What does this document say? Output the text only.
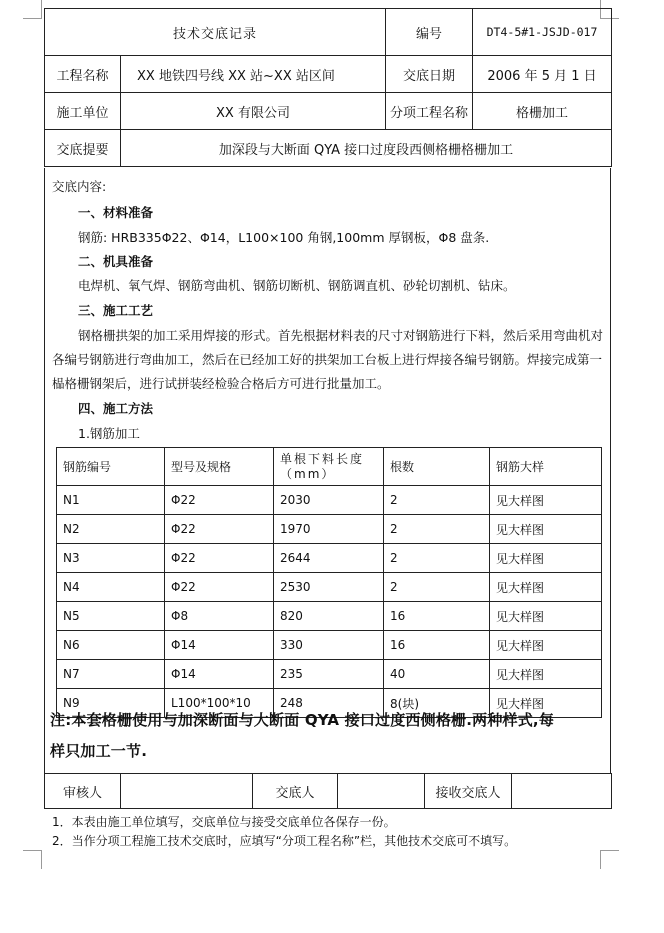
技术交底记录		编号	DT4-5#1-JSJD-017
工程名称	XX 地铁四号线 XX 站~XX 站区间	交底日期	2006 年 5 月 1 日
施工单位	XX 有限公司	分项工程名称	格栅加工
交底提要	加深段与大断面 QYA 接口过度段西侧格栅格栅加工		
交底内容:
一、材料准备
钢筋: HRB335Φ22、Φ14，L100×100 角钢,100mm 厚钢板，Φ8 盘条.
二、机具准备
电焊机、氧气焊、钢筋弯曲机、钢筋切断机、钢筋调直机、砂轮切割机、钻床。
三、施工工艺
钢格栅拱架的加工采用焊接的形式。首先根据材料表的尺寸对钢筋进行下料，然后采用弯曲机对
各编号钢筋进行弯曲加工，然后在已经加工好的拱架加工台板上进行焊接各编号钢筋。焊接完成第一
榀格栅钢架后，进行试拼装经检验合格后方可进行批量加工。
四、施工方法
1.钢筋加工
钢筋编号	型号及规格	单根下料长度（mm）	根数	钢筋大样
N1	Φ22	2030	2	见大样图
N2	Φ22	1970	2	见大样图
N3	Φ22	2644	2	见大样图
N4	Φ22	2530	2	见大样图
N5	Φ8	820	16	见大样图
N6	Φ14	330	16	见大样图
N7	Φ14	235	40	见大样图
N9	L100*100*10	248	8(块)	见大样图
注:本套格栅使用与加深断面与大断面 QYA 接口过度西侧格栅.两种样式,每
样只加工一节.
审核人		交底人		接收交底人	
1．本表由施工单位填写，交底单位与接受交底单位各保存一份。
2．当作分项工程施工技术交底时，应填写“分项工程名称”栏，其他技术交底可不填写。
